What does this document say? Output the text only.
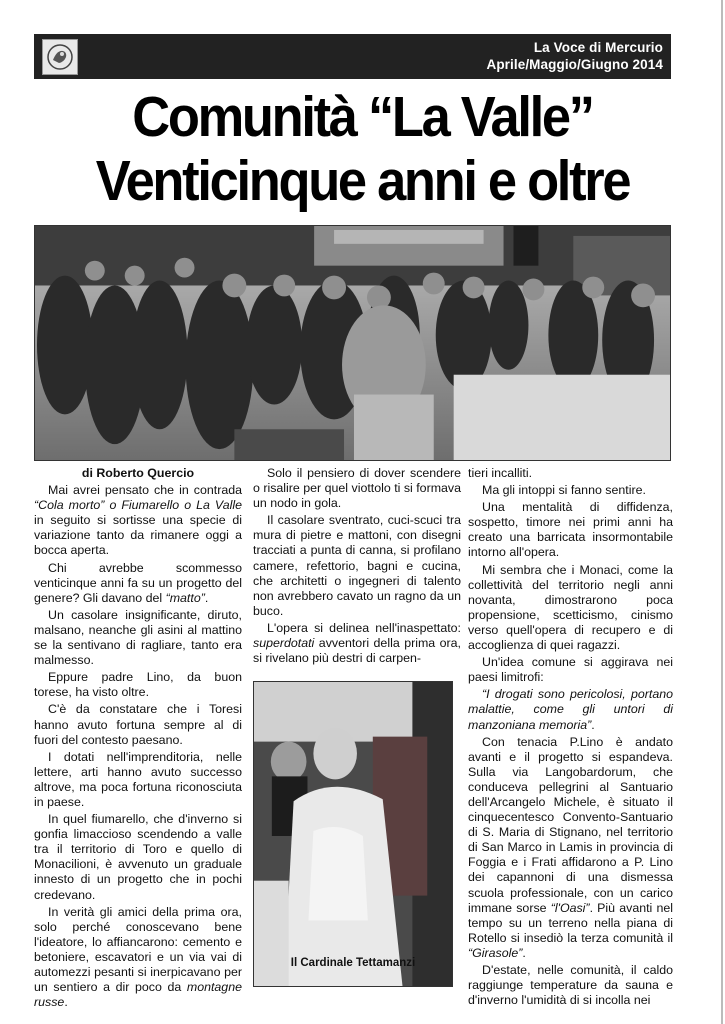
La Voce di Mercurio
Aprile/Maggio/Giugno 2014
Comunità “La Valle”
Venticinque anni e oltre

di Roberto Quercio

Mai avrei pensato che in contrada “Cola morto” o Fiumarello o La Valle in seguito si sortisse una specie di variazione tanto da rimanere oggi a bocca aperta.

Chi avrebbe scommesso venticinque anni fa su un progetto del genere? Gli davano del “matto”.

Un casolare insignificante, diruto, malsano, neanche gli asini al mattino se la sentivano di ragliare, tanto era malmesso.

Eppure padre Lino, da buon torese, ha visto oltre.

C'è da constatare che i Toresi hanno avuto fortuna sempre al di fuori del contesto paesano.

I dotati nell'imprenditoria, nelle lettere, arti hanno avuto successo altrove, ma poca fortuna riconosciuta in paese.

In quel fiumarello, che d'inverno si gonfia limaccioso scendendo a valle tra il territorio di Toro e quello di Monacilioni, è avvenuto un graduale innesto di un progetto che in pochi credevano.

In verità gli amici della prima ora, solo perché conoscevano bene l'ideatore, lo affiancarono: cemento e betoniere, escavatori e un via vai di automezzi pesanti si inerpicavano per un sentiero a dir poco da montagne russe.

Solo il pensiero di dover scendere o risalire per quel viottolo ti si formava un nodo in gola.

Il casolare sventrato, cuci-scuci tra mura di pietre e mattoni, con disegni tracciati a punta di canna, si profilano camere, refettorio, bagni e cucina, che architetti o ingegneri di talento non avrebbero cavato un ragno da un buco.

L'opera si delinea nell'inaspettato: superdotati avventori della prima ora, si rivelano più destri di carpen-

Il Cardinale Tettamanzi

tieri incalliti.

Ma gli intoppi si fanno sentire.

Una mentalità di diffidenza, sospetto, timore nei primi anni ha creato una barricata insormontabile intorno all'opera.

Mi sembra che i Monaci, come la collettività del territorio negli anni novanta, dimostrarono poca propensione, scetticismo, cinismo verso quell'opera di recupero e di accoglienza di quei ragazzi.

Un'idea comune si aggirava nei paesi limitrofi:

“I drogati sono pericolosi, portano malattie, come gli untori di manzoniana memoria”.

Con tenacia P.Lino è andato avanti e il progetto si espandeva. Sulla via Langobardorum, che conduceva pellegrini al Santuario dell'Arcangelo Michele, è situato il cinquecentesco Convento-Santuario di S. Maria di Stignano, nel territorio di San Marco in Lamis in provincia di Foggia e i Frati affidarono a P. Lino dei capannoni di una dismessa scuola professionale, con un carico immane sorse “l'Oasi”. Più avanti nel tempo su un terreno nella piana di Rotello si insediò la terza comunità il “Girasole”.

D'estate, nelle comunità, il caldo raggiunge temperature da sauna e d'inverno l'umidità di si incolla nei
